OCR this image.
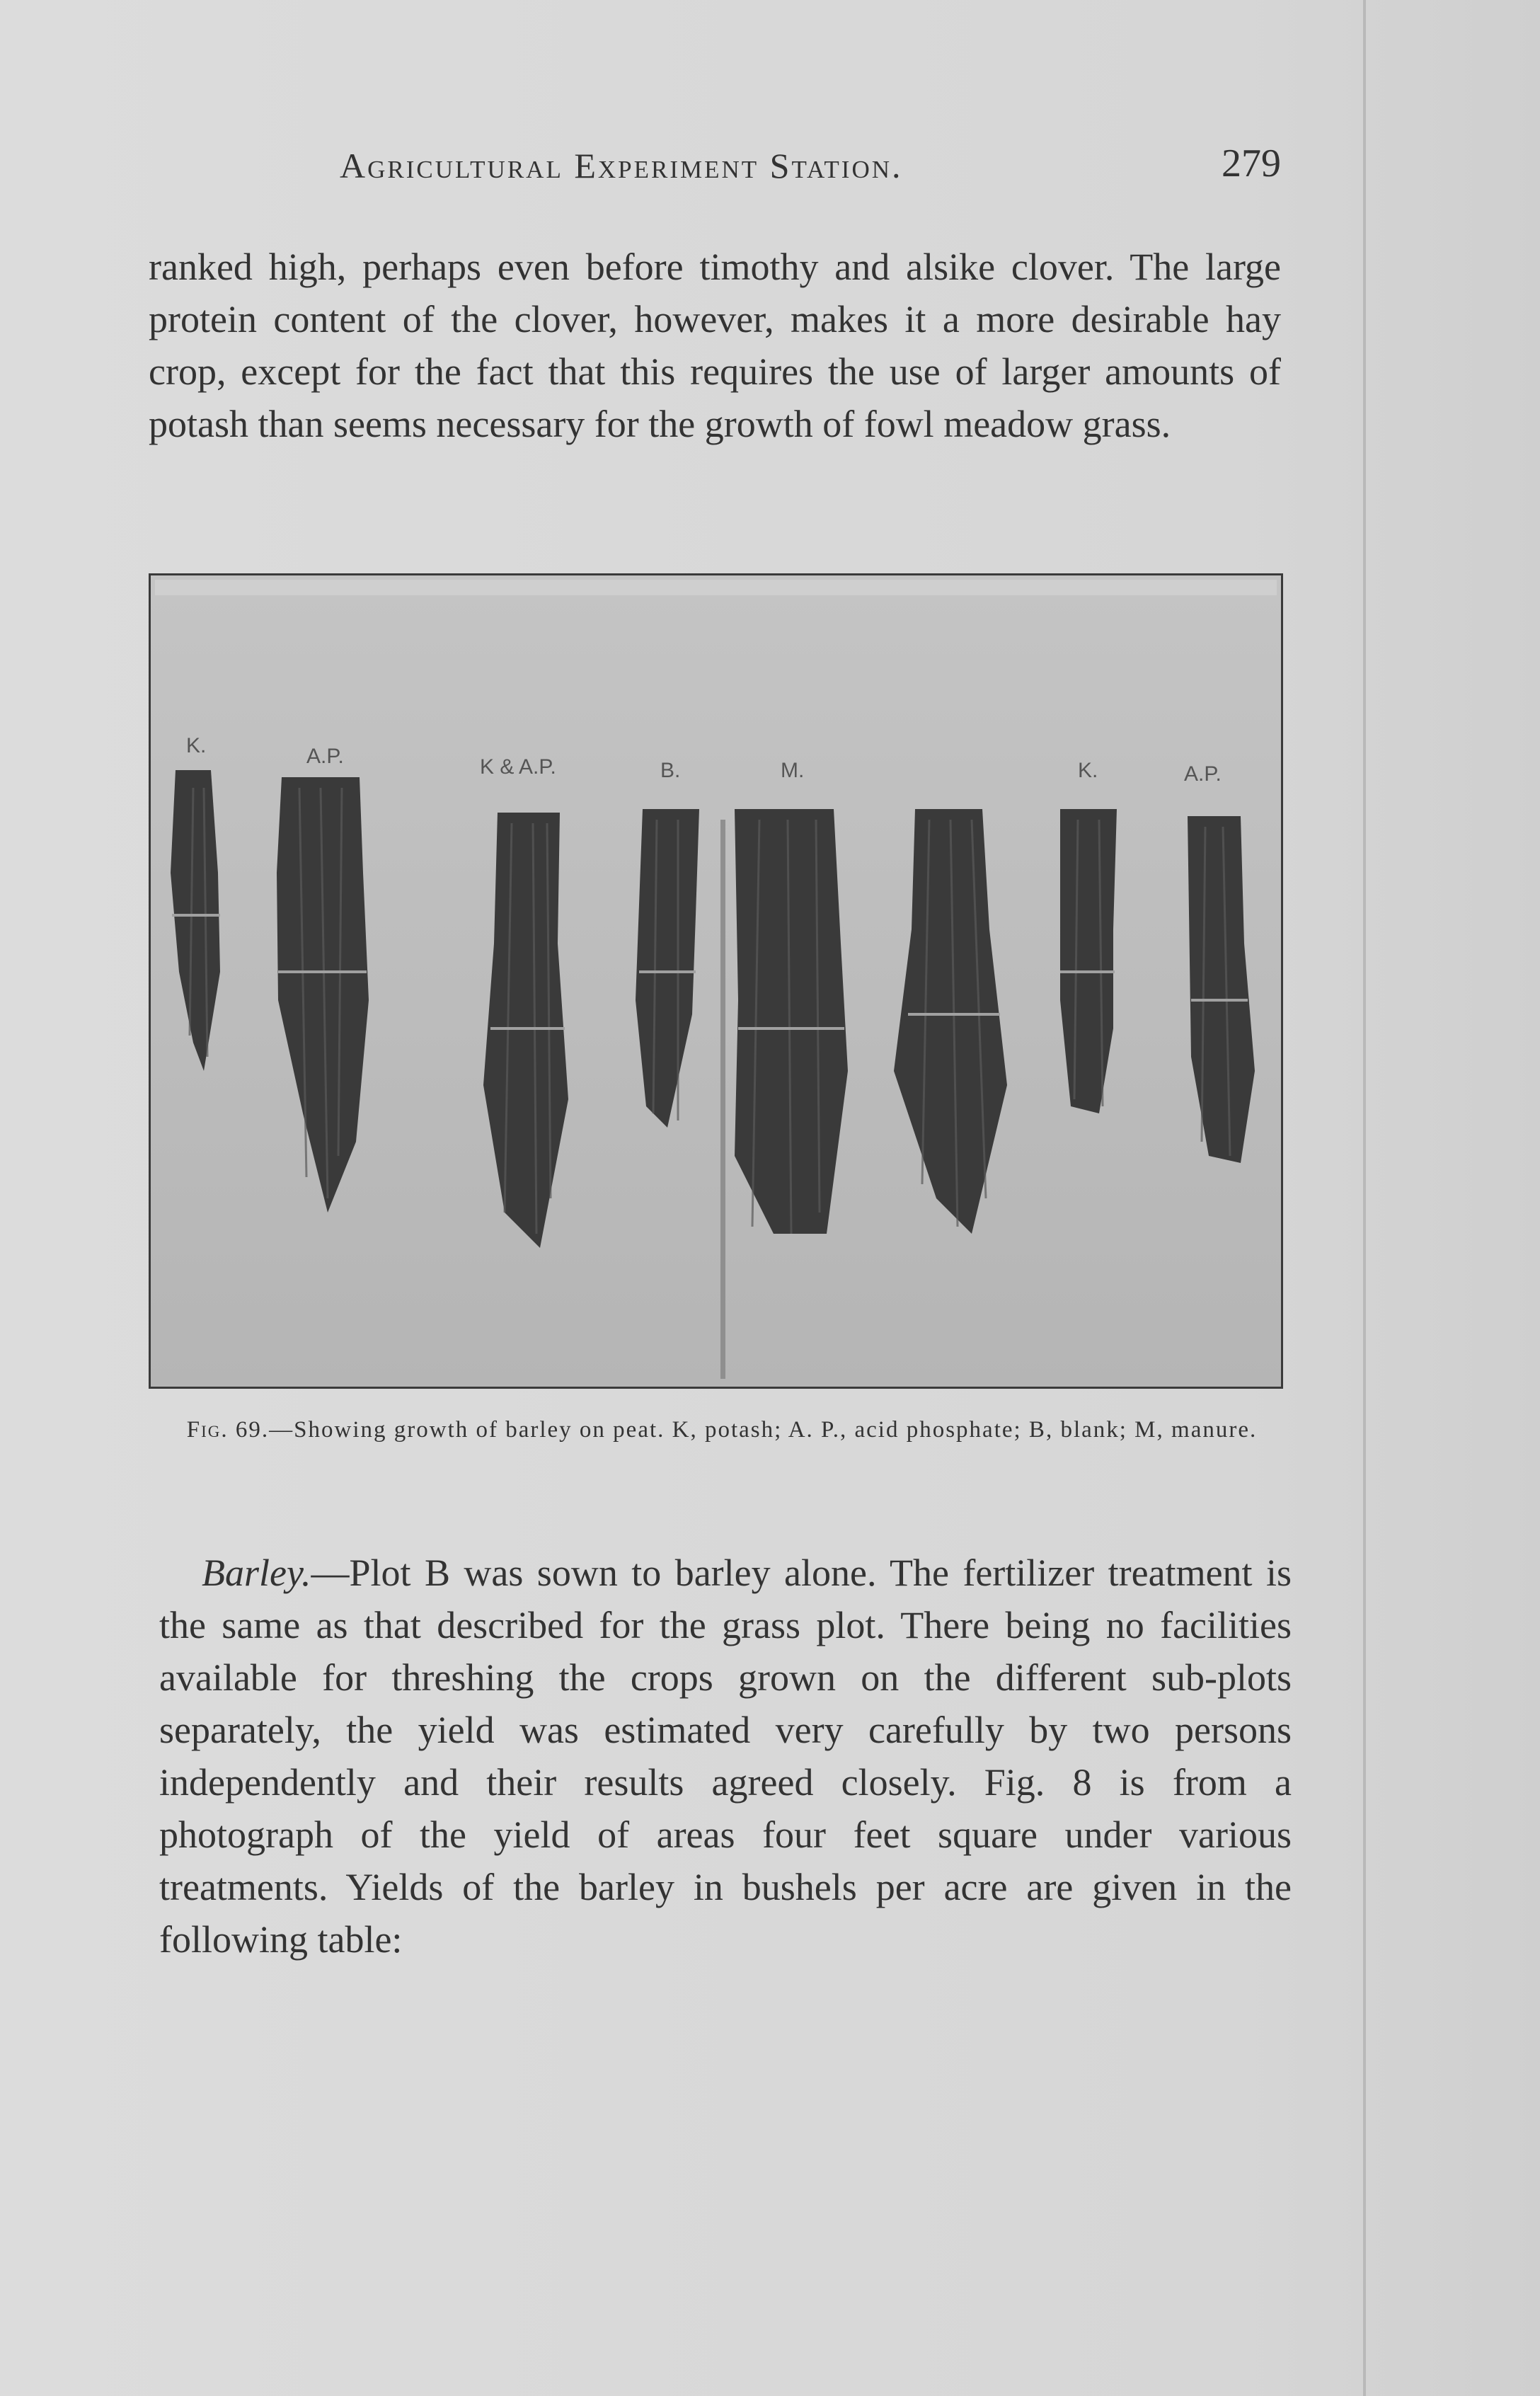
Agricultural Experiment Station.	279

ranked high, perhaps even before timothy and alsike clover. The large protein content of the clover, however, makes it a more desirable hay crop, except for the fact that this requires the use of larger amounts of potash than seems necessary for the growth of fowl meadow grass.

K.	A.P.	K & A.P.	B.	M.	K.	A.P.
Fig. 69.—Showing growth of barley on peat. K, potash; A. P., acid phosphate; B, blank; M, manure.

Barley.—Plot B was sown to barley alone. The fertilizer treatment is the same as that described for the grass plot. There being no facilities available for threshing the crops grown on the different sub-plots separately, the yield was estimated very carefully by two persons independently and their results agreed closely. Fig. 8 is from a photograph of the yield of areas four feet square under various treatments. Yields of the barley in bushels per acre are given in the following table:
